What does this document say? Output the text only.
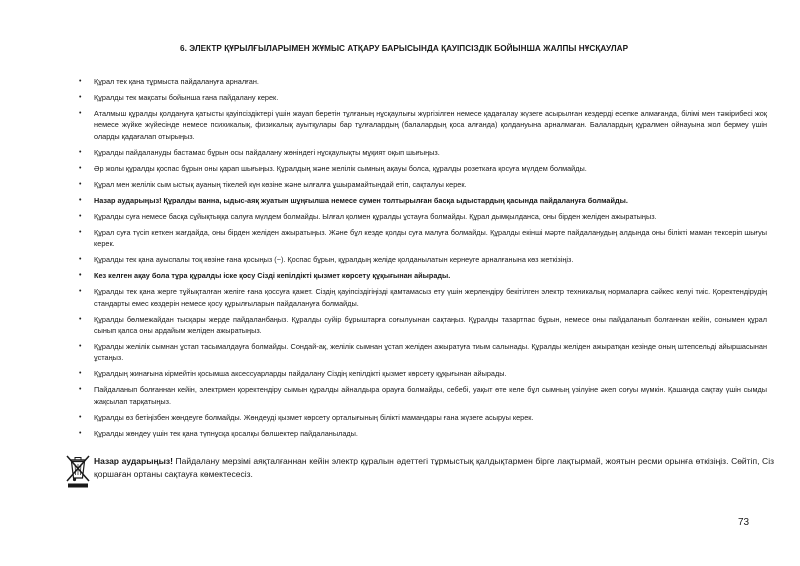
6. ЭЛЕКТР ҚҰРЫЛҒЫЛАРЫМЕН ЖҰМЫС АТҚАРУ БАРЫСЫНДА ҚАУІПСІЗДІК БОЙЫНША ЖАЛПЫ НҰСҚАУЛАР
• Құрал тек қана тұрмыста пайдалануға арналған.
• Құралды тек мақсаты бойынша ғана пайдалану керек.
• Аталмыш құралды қолдануға қатысты қауіпсіздіктері үшін жауап беретін тұлғаның нұсқаулығы жүргізілген немесе қадағалау жүзеге асырылған кездерді есепке алмағанда, білімі мен тәжірибесі жоқ немесе жүйке жүйесінде немесе психикалық, физикалық ауытқулары бар тұлғалардың (балалардың қоса алғанда) қолдануына арналмаған. Балалардың құралмен ойнауына жол бермеу үшін оларды қадағалап отырыңыз.
• Құралды пайдалануды бастамас бұрын осы пайдалану жөніндегі нұсқаулықты мұқият оқып шығыңыз.
• Әр жолы құралды қоспас бұрын оны қарап шығыңыз. Құралдың және желілік сымның ақауы болса, құралды розеткаға қосуға мүлдем болмайды.
• Құрал мен желілік сым ыстық ауаның тікелей күн көзіне және ылғалға ұшырамайтындай етіп, сақталуы керек.
• Назар аударыңыз! Құралды ванна, ыдыс-аяқ жуатын шұңғылша немесе сумен толтырылған басқа ыдыстардың қасында пайдалануға болмайды.
• Құралды суға немесе басқа сұйықтыққа салуға мүлдем болмайды. Ылғал қолмен құралды ұстауға болмайды. Құрал дымқылданса, оны бірден желіден ажыратыңыз.
• Құрал суға түсіп кеткен жағдайда, оны бірден желіден ажыратыңыз. Және бұл кезде қолды суға малуға болмайды. Құралды екінші мәрте пайдаланудың алдында оны білікті маман тексеріп шығуы керек.
• Құралды тек қана ауыспалы тоқ көзіне ғана қосыңыз (~). Қоспас бұрын, құралдың желіде қолданылатын кернеуге арналғанына көз жеткізіңіз.
• Кез келген ақау бола тұра құралды іске қосу Сізді кепілдікті қызмет көрсету құқығынан айырады.
• Құралды тек қана жерге тұйықталған желіге ғана қоссуға қажет. Сіздің қауіпсіздігіңізді қамтамасыз ету үшін жерлендіру бекітілген электр техникалық нормаларға сәйкес келуі тиіс. Қоректендірудің стандарты емес көздерін немесе қосу құрылғыларын пайдалануға болмайды.
• Құралды бөлмежайдан тысқары жерде пайдаланбаңыз. Құралды суйір бұрыштарға соғылуынан сақтаңыз. Құралды тазартпас бұрын, немесе оны пайдаланып болғаннан кейін, сонымен құрал сынып қалса оны ардайым желіден ажыратыңыз.
• Құралды желілік сымнан ұстап тасымалдауға болмайды. Сондай-ақ, желілік сымнан ұстап желіден ажыратуға тиым салынады. Құралды желіден ажыратқан кезінде оның штепсельді айыршасынан ұстаңыз.
• Құралдың жинағына кірмейтін қосымша аксессуарларды пайдалану Сіздің кепілдікті қызмет көрсету құқығынан айырады.
• Пайдаланып болғаннан кейін, электрмен қоректендіру сымын құралды айналдыра орауға болмайды, себебі, уақыт өте келе бұл сымның үзілуіне әкеп соғуы мүмкін. Қашанда сақтау үшін сымды жақсылап тарқатыңыз.
• Құралды өз бетіңізбен жөндеуге болмайды. Жөндеуді қызмет көрсету орталығының білікті мамандары ғана жүзеге асыруы керек.
• Құралды жөндеу үшін тек қана түпнұсқа қосалқы бөлшектер пайдаланылады.
Назар аударыңыз! Пайдалану мерзімі аяқталғаннан кейін электр құралын әдеттегі тұрмыстық қалдықтармен бірге лақтырмай, жоятын ресми орынға өткізіңіз. Сөйтіп, Сіз қоршаған ортаны сақтауға көмектесесіз.
73
